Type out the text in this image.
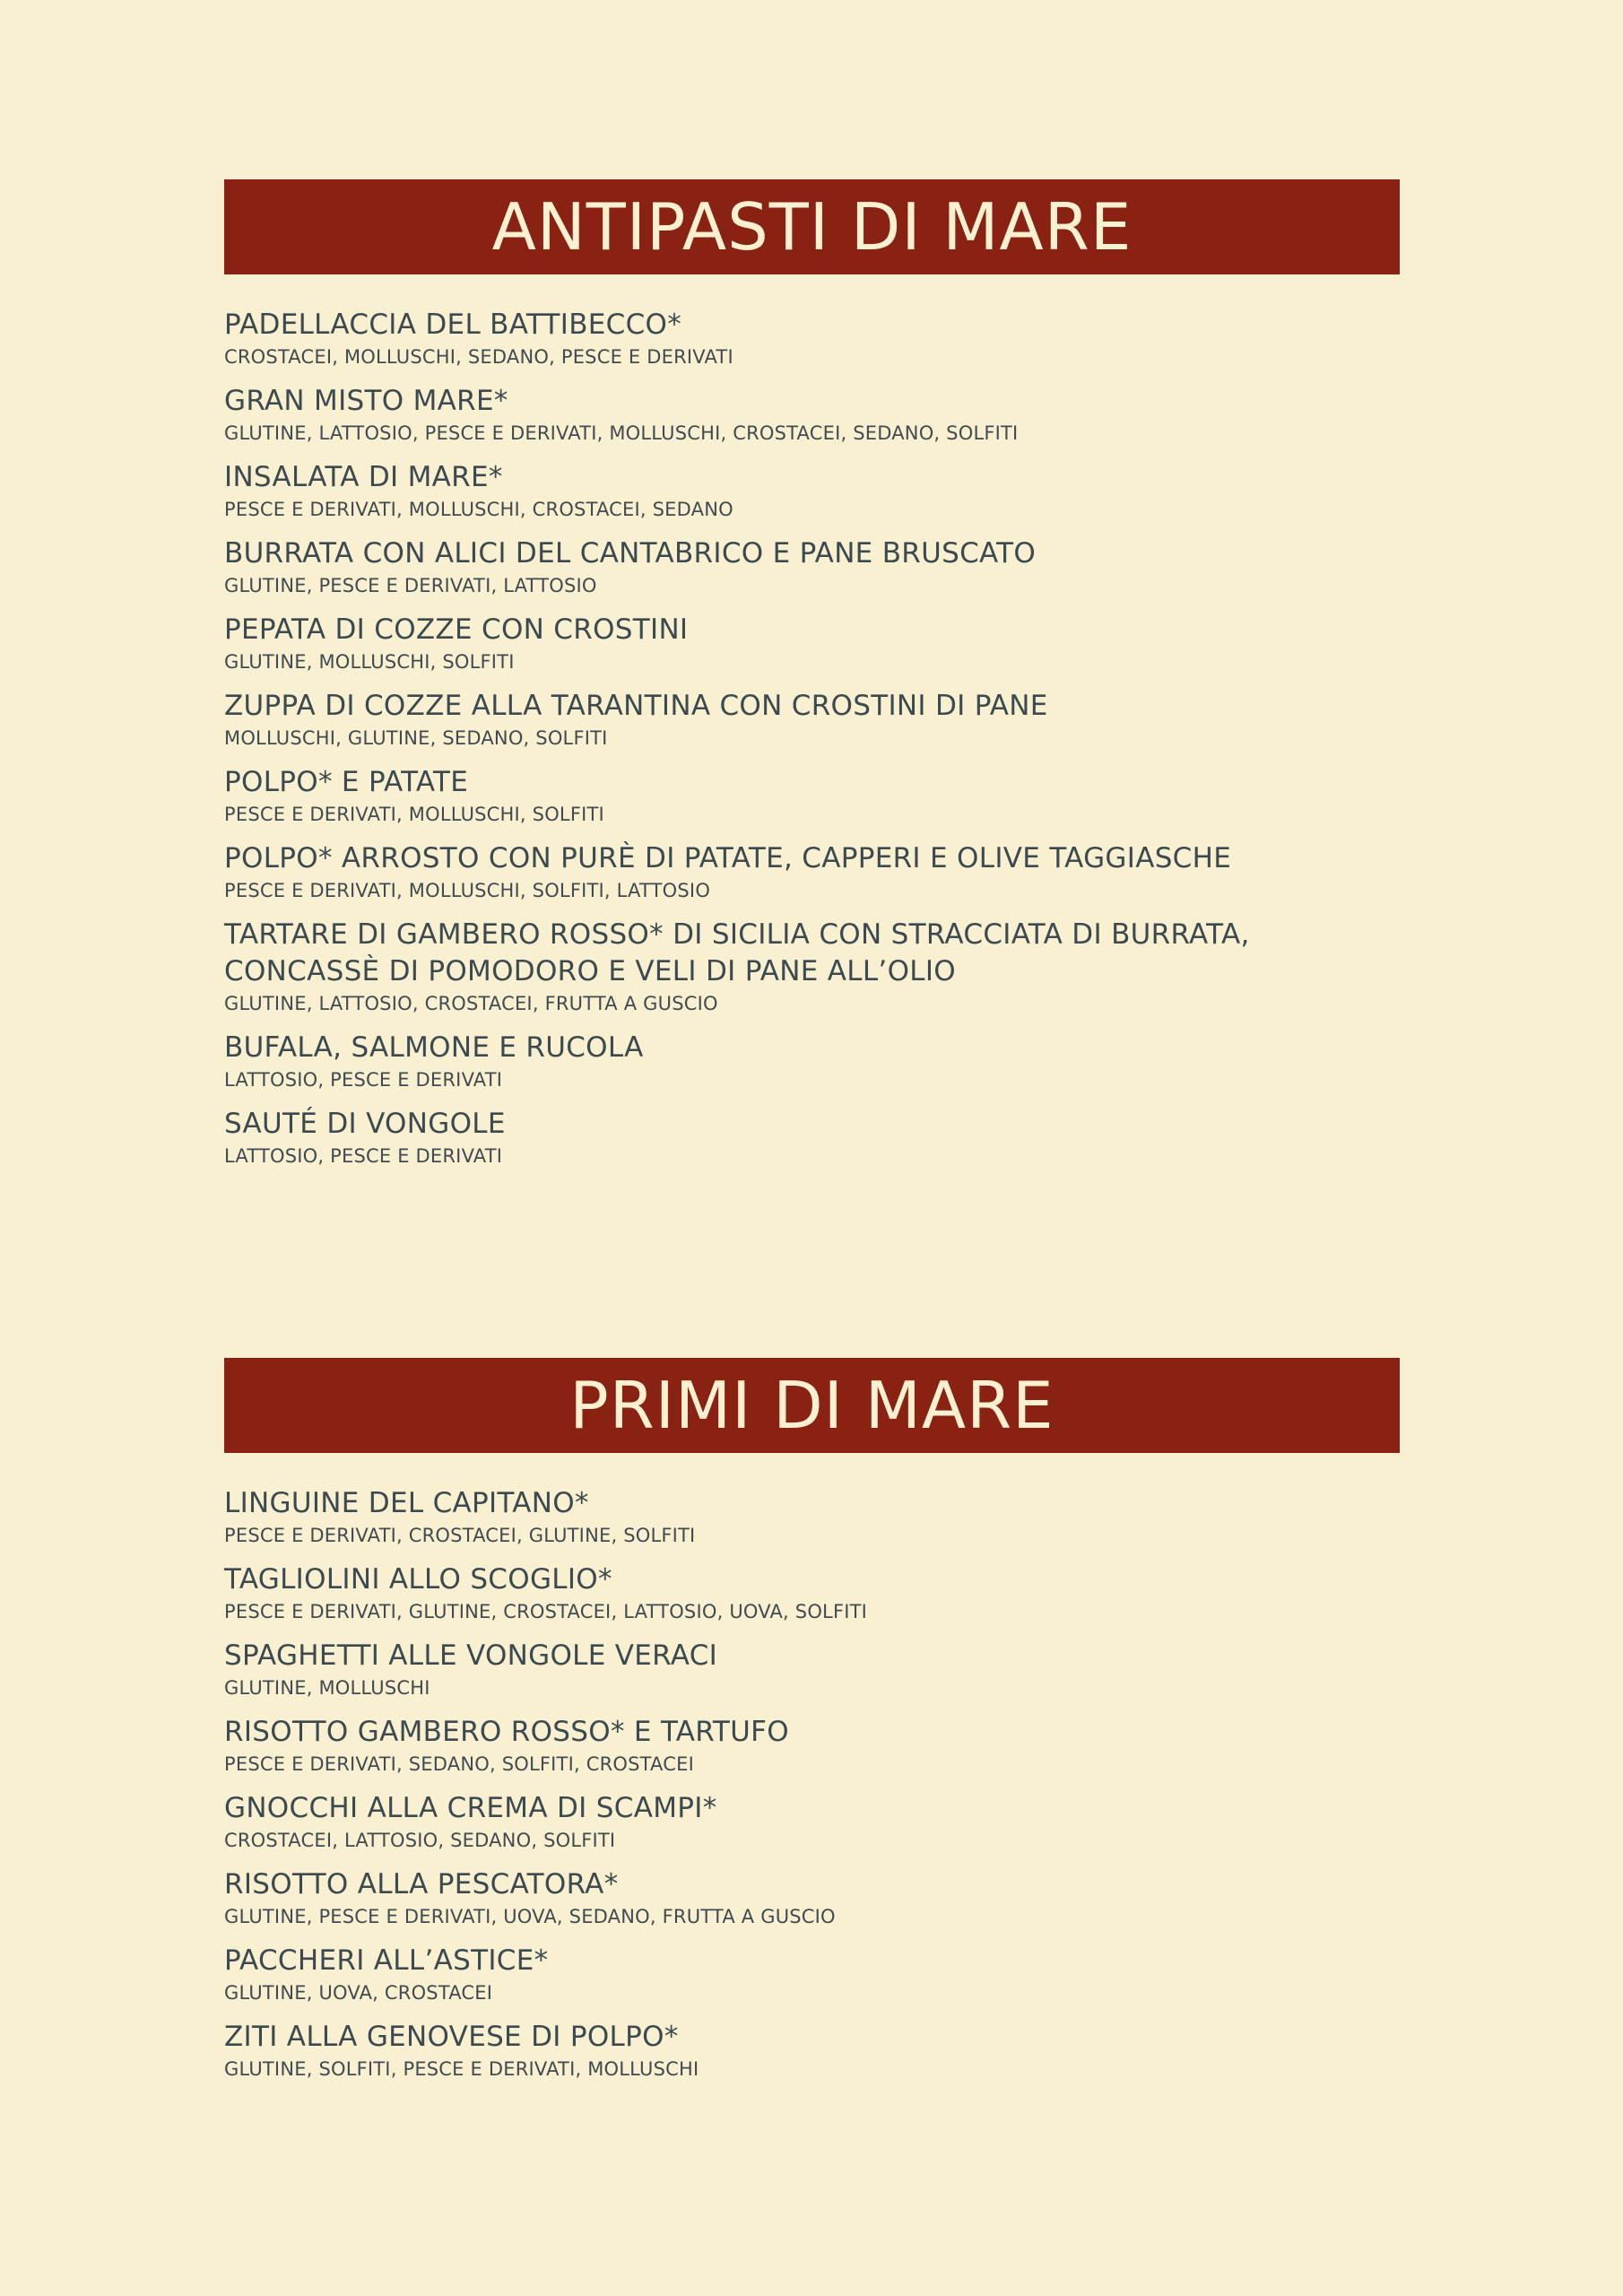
ANTIPASTI DI MARE
PADELLACCIA DEL BATTIBECCO*
CROSTACEI, MOLLUSCHI, SEDANO, PESCE E DERIVATI
GRAN MISTO MARE*
GLUTINE, LATTOSIO, PESCE E DERIVATI, MOLLUSCHI, CROSTACEI, SEDANO, SOLFITI
INSALATA DI MARE*
PESCE E DERIVATI, MOLLUSCHI, CROSTACEI, SEDANO
BURRATA CON ALICI DEL CANTABRICO E PANE BRUSCATO
GLUTINE, PESCE E DERIVATI, LATTOSIO
PEPATA DI COZZE CON CROSTINI
GLUTINE, MOLLUSCHI, SOLFITI
ZUPPA DI COZZE ALLA TARANTINA CON CROSTINI DI PANE
MOLLUSCHI, GLUTINE, SEDANO, SOLFITI
POLPO* E PATATE
PESCE E DERIVATI, MOLLUSCHI, SOLFITI
POLPO* ARROSTO CON PURÈ DI PATATE, CAPPERI E OLIVE TAGGIASCHE
PESCE E DERIVATI, MOLLUSCHI, SOLFITI, LATTOSIO
TARTARE DI GAMBERO ROSSO* DI SICILIA CON STRACCIATA DI BURRATA,
CONCASSÈ DI POMODORO E VELI DI PANE ALL’OLIO
GLUTINE, LATTOSIO, CROSTACEI, FRUTTA A GUSCIO
BUFALA, SALMONE E RUCOLA
LATTOSIO, PESCE E DERIVATI
SAUTÉ DI VONGOLE
LATTOSIO, PESCE E DERIVATI
PRIMI DI MARE
LINGUINE DEL CAPITANO*
PESCE E DERIVATI, CROSTACEI, GLUTINE, SOLFITI
TAGLIOLINI ALLO SCOGLIO*
PESCE E DERIVATI, GLUTINE, CROSTACEI, LATTOSIO, UOVA, SOLFITI
SPAGHETTI ALLE VONGOLE VERACI
GLUTINE, MOLLUSCHI
RISOTTO GAMBERO ROSSO* E TARTUFO
PESCE E DERIVATI, SEDANO, SOLFITI, CROSTACEI
GNOCCHI ALLA CREMA DI SCAMPI*
CROSTACEI, LATTOSIO, SEDANO, SOLFITI
RISOTTO ALLA PESCATORA*
GLUTINE, PESCE E DERIVATI, UOVA, SEDANO, FRUTTA A GUSCIO
PACCHERI ALL’ASTICE*
GLUTINE, UOVA, CROSTACEI
ZITI ALLA GENOVESE DI POLPO*
GLUTINE, SOLFITI, PESCE E DERIVATI, MOLLUSCHI
